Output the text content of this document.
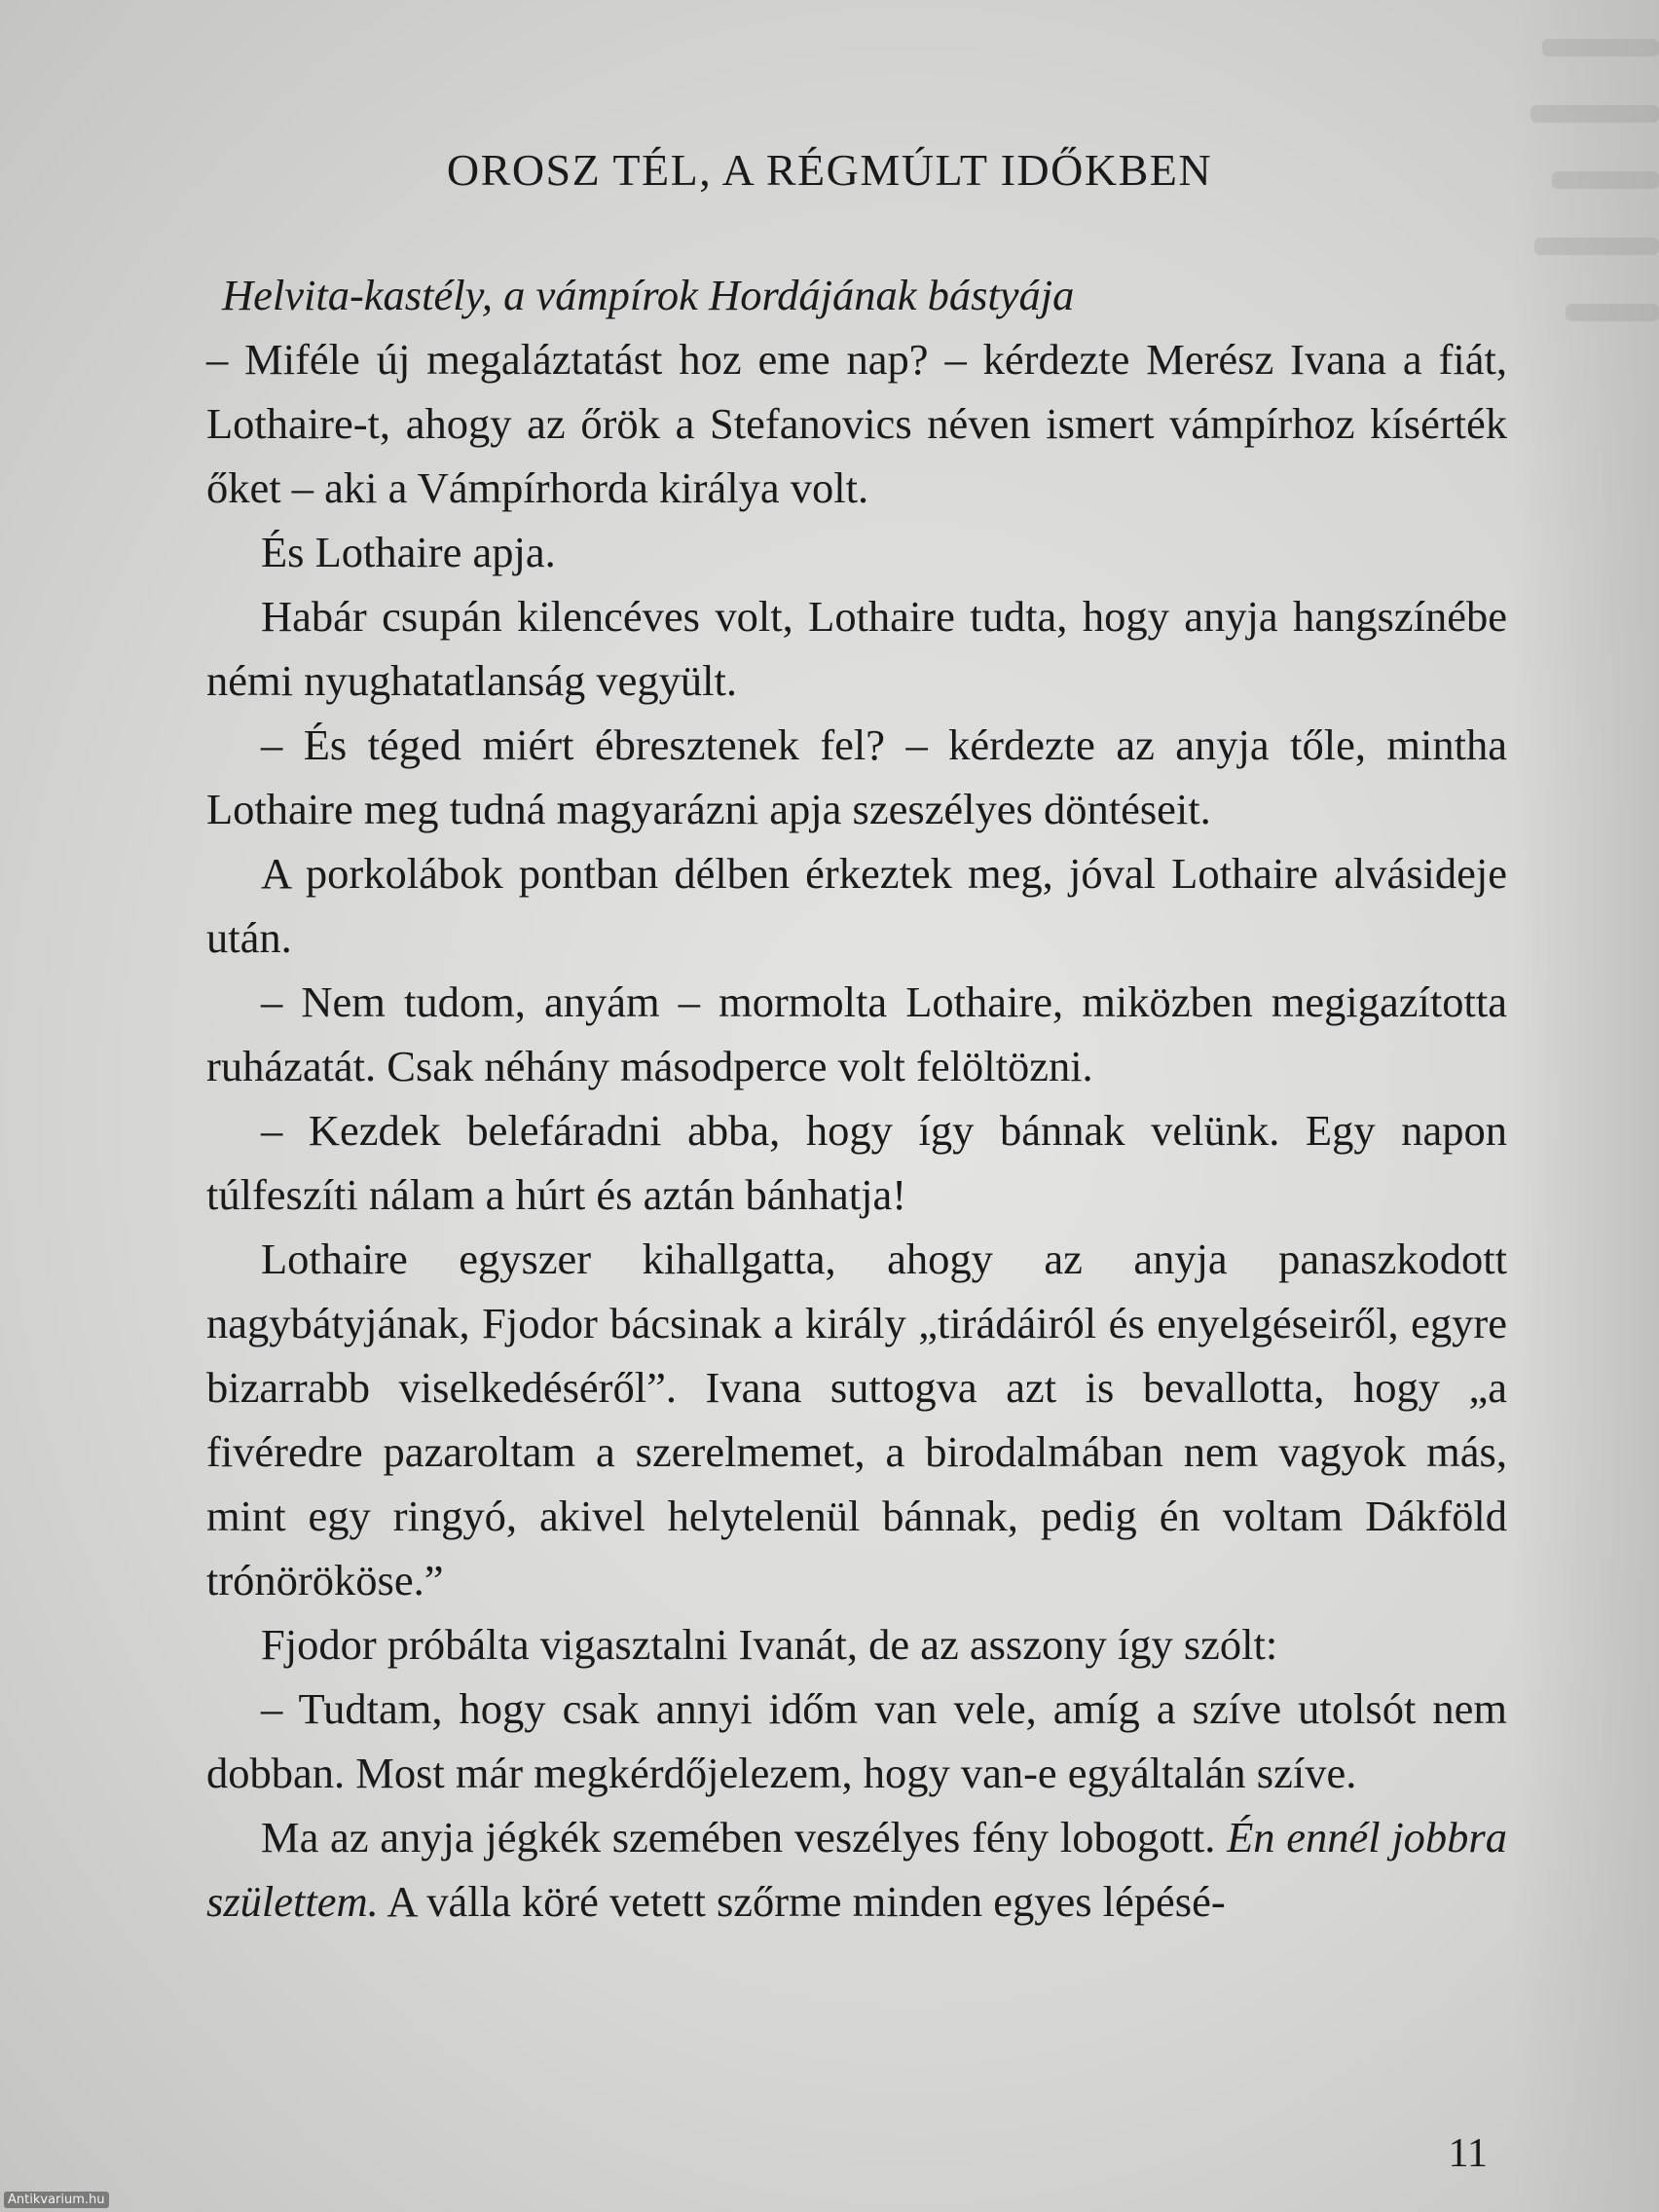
OROSZ TÉL, A RÉGMÚLT IDŐKBEN

Helvita-kastély, a vámpírok Hordájának bástyája

– Miféle új megaláztatást hoz eme nap? – kérdezte Merész Ivana a fiát, Lothaire-t, ahogy az őrök a Stefanovics néven ismert vámpírhoz kísérték őket – aki a Vámpírhorda királya volt.

És Lothaire apja.

Habár csupán kilencéves volt, Lothaire tudta, hogy anyja hangszínébe némi nyughatatlanság vegyült.

– És téged miért ébresztenek fel? – kérdezte az anyja tőle, mintha Lothaire meg tudná magyarázni apja szeszélyes döntéseit.

A porkolábok pontban délben érkeztek meg, jóval Lothaire alvásideje után.

– Nem tudom, anyám – mormolta Lothaire, miközben megigazította ruházatát. Csak néhány másodperce volt felöltözni.

– Kezdek belefáradni abba, hogy így bánnak velünk. Egy napon túlfeszíti nálam a húrt és aztán bánhatja!

Lothaire egyszer kihallgatta, ahogy az anyja panaszkodott nagybátyjának, Fjodor bácsinak a király „tirádáiról és enyelgéseiről, egyre bizarrabb viselkedéséről”. Ivana suttogva azt is bevallotta, hogy „a fivéredre pazaroltam a szerelmemet, a birodalmában nem vagyok más, mint egy ringyó, akivel helytelenül bánnak, pedig én voltam Dákföld trónörököse.”

Fjodor próbálta vigasztalni Ivanát, de az asszony így szólt:

– Tudtam, hogy csak annyi időm van vele, amíg a szíve utolsót nem dobban. Most már megkérdőjelezem, hogy van-e egyáltalán szíve.

Ma az anyja jégkék szemében veszélyes fény lobogott. Én ennél jobbra születtem. A válla köré vetett szőrme minden egyes lépésé-

11
Antikvarium.hu
